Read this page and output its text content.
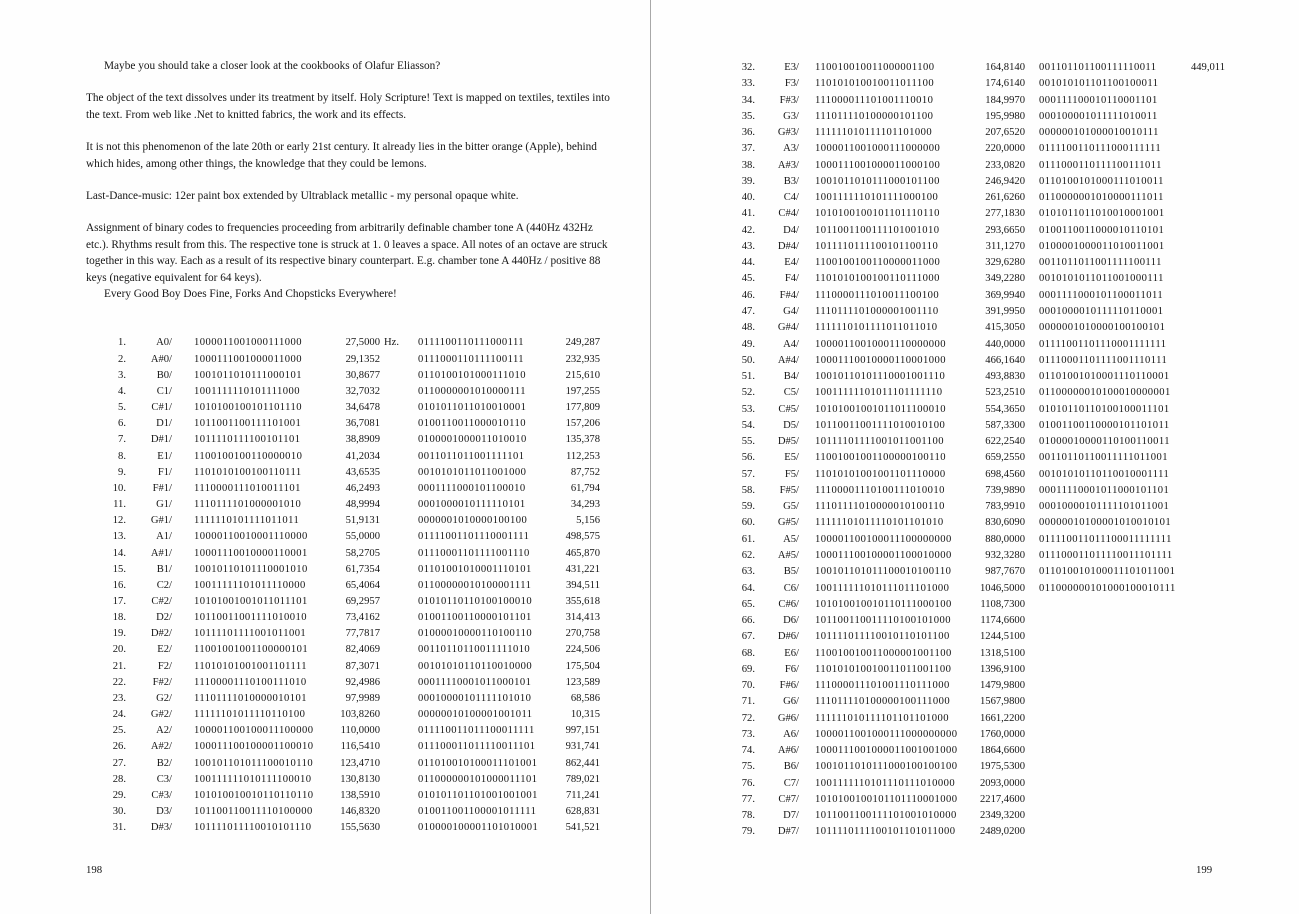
Maybe you should take a closer look at the cookbooks of Olafur Eliasson?

The object of the text dissolves under its treatment by itself. Holy Scripture! Text is mapped on textiles, textiles into the text. From web like .Net to knitted fabrics, the work and its effects.

It is not this phenomenon of the late 20th or early 21st century. It already lies in the bitter orange (Apple), behind which hides, among other things, the knowledge that they could be lemons.

Last-Dance-music: 12er paint box extended by Ultrablack metallic - my personal opaque white.

Assignment of binary codes to frequencies proceeding from arbitrarily definable chamber tone A (440Hz 432Hz etc.). Rhythms result from this. The respective tone is struck at 1. 0 leaves a space. All notes of an octave are struck together in this way. Each as a result of its respective binary counterpart. E.g. chamber tone A 440Hz / positive 88 keys (negative equivalent for 64 keys).

Every Good Boy Does Fine, Forks And Chopsticks Everywhere!

1.	A0/ 1000011001000111000	27,5000 Hz.	0111100110111000111	249,287
2.	A#0/ 1000111001000011000	29,1352	0111000110111100111	232,935
3.	B0/ 1001011010111000101	30,8677	0110100101000111010	215,610
4.	C1/ 1001111110101111000	32,7032	0110000001010000111	197,255
5.	C#1/ 1010100100101101110	34,6478	0101011011010010001	177,809
6.	D1/ 1011001100111101001	36,7081	0100110011000010110	157,206
7.	D#1/ 1011110111100101101	38,8909	0100001000011010010	135,378
8.	E1/ 1100100100110000010	41,2034	0011011011001111101	112,253
9.	F1/ 1101010100100110111	43,6535	0010101011011001000	87,752
10.	F#1/ 1110000111010011101	46,2493	0001111000101100010	61,794
11.	G1/ 1110111101000001010	48,9994	0001000010111110101	34,293
12.	G#1/ 1111110101111011011	51,9131	0000001010000100100	5,156
13.	A1/ 10000110010001110000	55,0000	01111001101110001111	498,575
14.	A#1/ 10001110010000110001	58,2705	01110001101111001110	465,870
15.	B1/ 10010110101110001010	61,7354	01101001010001110101	431,221
16.	C2/ 10011111101011110000	65,4064	01100000010100001111	394,511
17.	C#2/ 10101001001011011101	69,2957	01010110110100100010	355,618
18.	D2/ 10110011001111010010	73,4162	01001100110000101101	314,413
19.	D#2/ 10111101111001011001	77,7817	01000010000110100110	270,758
20.	E2/ 11001001001100000101	82,4069	00110110110011111010	224,506
21.	F2/ 11010101001001101111	87,3071	00101010110110010000	175,504
22.	F#2/ 11100001110100111010	92,4986	00011110001011000101	123,589
23.	G2/ 11101111010000010101	97,9989	00010000101111101010	68,586
24.	G#2/ 11111101011110110100	103,8260	00000010100001001011	10,315
25.	A2/ 100001100100011100000	110,0000	011110011011100011111	997,151
26.	A#2/ 100011100100001100010	116,5410	011100011011110011101	931,741
27.	B2/ 100101101011100010110	123,4710	011010010100011101001	862,441
28.	C3/ 100111111010111100010	130,8130	011000000101000011101	789,021
29.	C#3/ 101010010010110110110	138,5910	010101101101001001001	711,241
30.	D3/ 101100110011110100000	146,8320	010011001100001011111	628,831
31.	D#3/ 101111011110010101110	155,5630	010000100001101010001	541,521
198
32.	E3/ 110010010011000001100	164,8140 001101101100111110011	449,011
33.	F3/ 110101010010011011100	174,6140 001010101101100100011
34.	F#3/ 111000011101001110010	184,9970 000111100010110001101
35.	G3/ 111011110100000101100	195,9980 000100001011111010011
36.	G#3/ 111111010111101101000	207,6520 000000101000010010111
37.	A3/ 1000011001000111000000	220,0000 0111100110111000111111
38.	A#3/ 1000111001000011000100	233,0820 0111000110111100111011
39.	B3/ 1001011010111000101100	246,9420 0110100101000111010011
40.	C4/ 1001111110101111000100	261,6260 0110000001010000111011
41.	C#4/ 1010100100101101110110	277,1830 0101011011010010001001
42.	D4/ 1011001100111101001010	293,6650 0100110011000010110101
43.	D#4/ 1011110111100101100110	311,1270 0100001000011010011001
44.	E4/ 1100100100110000011000	329,6280 0011011011001111100111
45.	F4/ 1101010100100110111000	349,2280 0010101011011001000111
46.	F#4/ 1110000111010011100100	369,9940 0001111000101100011011
47.	G4/ 1110111101000001001110	391,9950 0001000010111110110001
48.	G#4/ 1111110101111011011010	415,3050 0000001010000100100101
49.	A4/ 10000110010001110000000	440,0000 01111001101110001111111
50.	A#4/ 10001110010000110001000	466,1640 01110001101111001110111
51.	B4/ 10010110101110001001110	493,8830 01101001010001110110001
52.	C5/ 10011111101011101111110	523,2510 01100000010100010000001
53.	C#5/ 10101001001011011100010	554,3650 01010110110100100011101
54.	D5/ 10110011001111010010100	587,3300 01001100110000101101011
55.	D#5/ 10111101111001011001100	622,2540 01000010000110100110011
56.	E5/ 11001001001100000100110	659,2550 00110110110011111011001
57.	F5/ 11010101001001101110000	698,4560 00101010110110010001111
58.	F#5/ 11100001110100111010010	739,9890 00011110001011000101101
59.	G5/ 11101111010000010100110	783,9910 00010000101111101011001
60.	G#5/ 11111101011110101101010	830,6090 00000010100001010010101
61.	A5/ 100001100100011100000000	880,0000 011110011011100011111111
62.	A#5/ 100011100100001100010000	932,3280 011100011011110011101111
63.	B5/ 100101101011100010100110	987,7670 011010010100011101011001
64.	C6/ 100111111010111011101000	1046,5000 011000000101000100010111
65.	C#6/ 101010010010110111000100	1108,7300
66.	D6/ 101100110011110100101000	1174,6600
67.	D#6/ 101111011110010110101100	1244,5100
68.	E6/ 110010010011000001001100	1318,5100
69.	F6/ 110101010010011011001100	1396,9100
70.	F#6/ 111000011101001110111000	1479,9800
71.	G6/ 111011110100000100111000	1567,9800
72.	G#6/ 111111010111101101101000	1661,2200
73.	A6/ 1000011001000111000000000	1760,0000
74.	A#6/ 1000111001000011001001000	1864,6600
75.	B6/ 1001011010111000100100100	1975,5300
76.	C7/ 1001111110101110111010000	2093,0000
77.	C#7/ 1010100100101101110001000	2217,4600
78.	D7/ 1011001100111101001010000	2349,3200
79.	D#7/ 1011110111100101101011000	2489,0200
199
